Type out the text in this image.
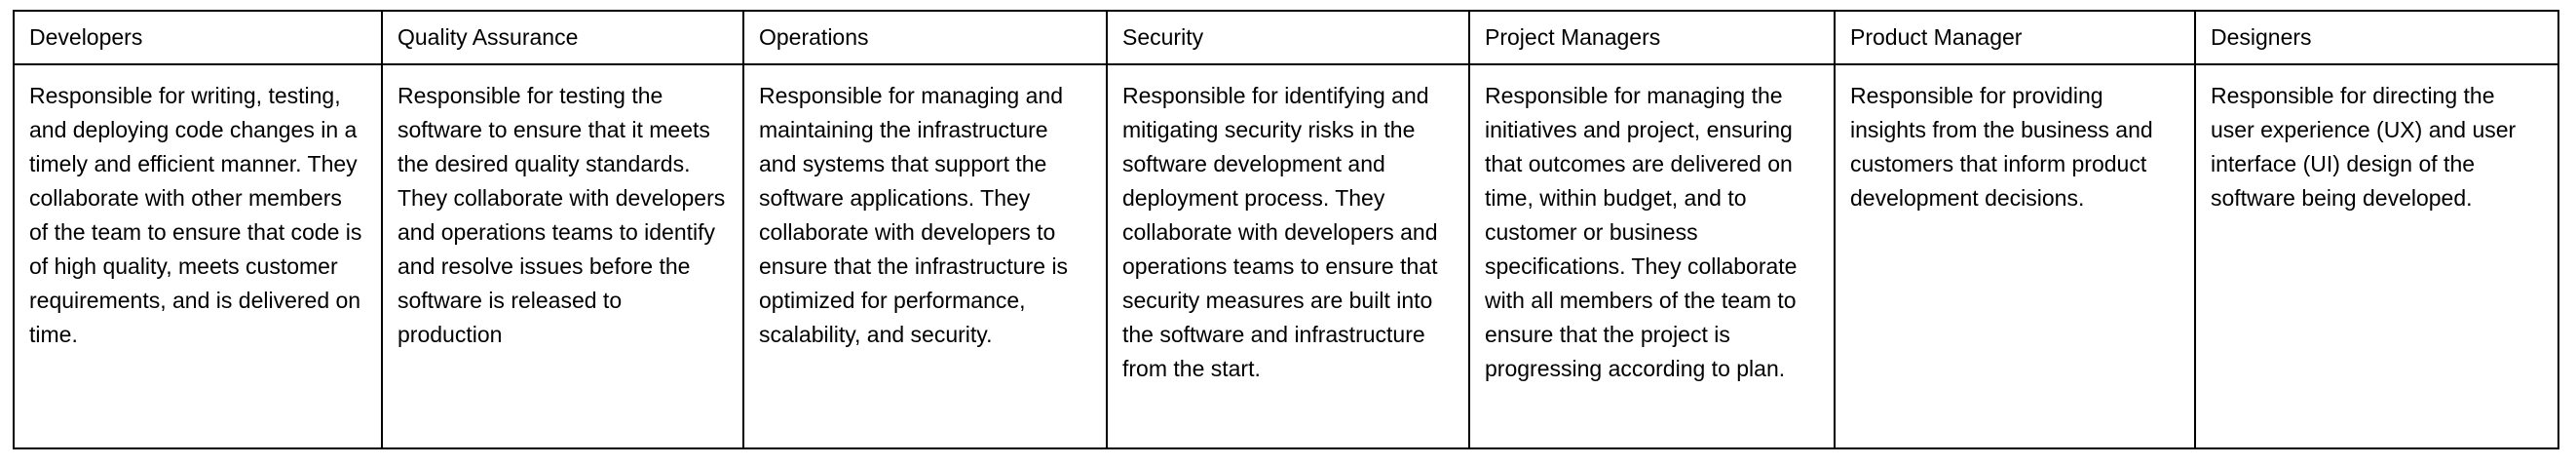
Developers	Quality Assurance	Operations	Security	Project Managers	Product Manager	Designers
Responsible for writing, testing, and deploying code changes in a timely and efficient manner. They collaborate with other members of the team to ensure that code is of high quality, meets customer requirements, and is delivered on time.	Responsible for testing the software to ensure that it meets the desired quality standards. They collaborate with developers and operations teams to identify and resolve issues before the software is released to production	Responsible for managing and maintaining the infrastructure and systems that support the software applications. They collaborate with developers to ensure that the infrastructure is optimized for performance, scalability, and security.	Responsible for identifying and mitigating security risks in the software development and deployment process. They collaborate with developers and operations teams to ensure that security measures are built into the software and infrastructure from the start.	Responsible for managing the initiatives and project, ensuring that outcomes are delivered on time, within budget, and to customer or business specifications. They collaborate with all members of the team to ensure that the project is progressing according to plan.	Responsible for providing insights from the business and customers that inform product development decisions.	Responsible for directing the user experience (UX) and user interface (UI) design of the software being developed.
